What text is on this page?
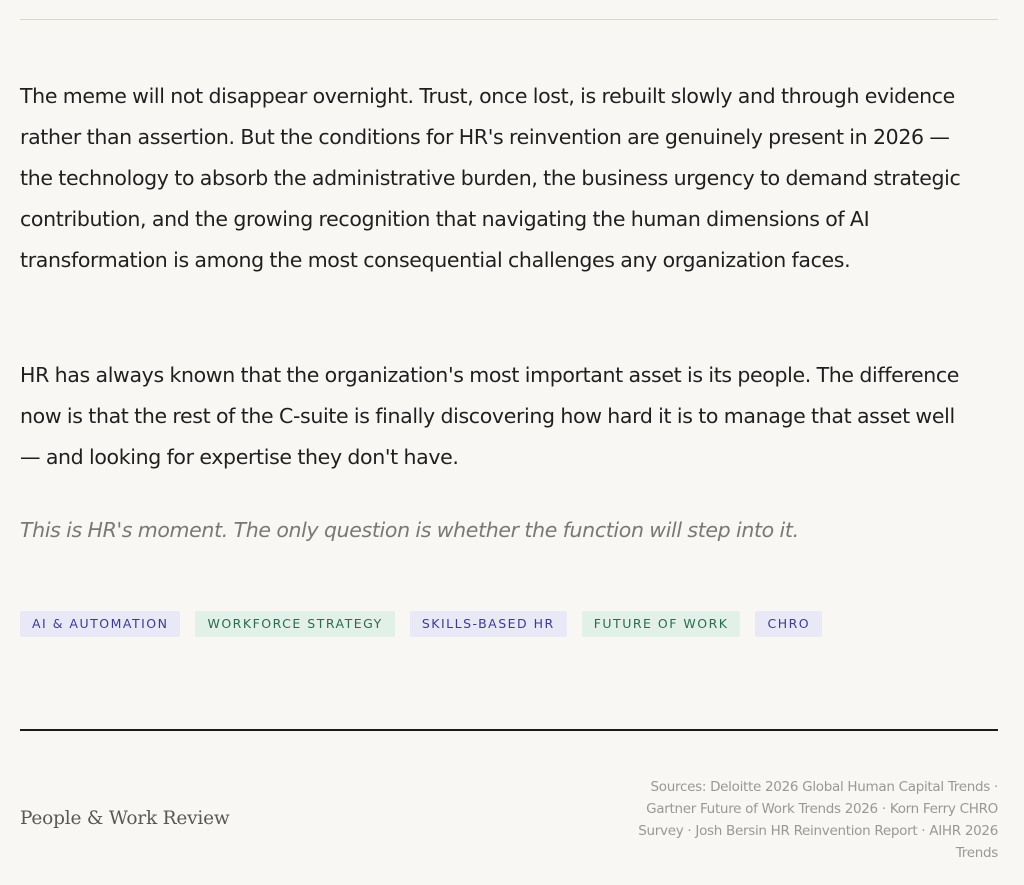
The meme will not disappear overnight. Trust, once lost, is rebuilt slowly and through evidence rather than assertion. But the conditions for HR's reinvention are genuinely present in 2026 — the technology to absorb the administrative burden, the business urgency to demand strategic contribution, and the growing recognition that navigating the human dimensions of AI transformation is among the most consequential challenges any organization faces.

HR has always known that the organization's most important asset is its people. The difference now is that the rest of the C-suite is finally discovering how hard it is to manage that asset well — and looking for expertise they don't have.

This is HR's moment. The only question is whether the function will step into it.

AI & AUTOMATION	WORKFORCE STRATEGY	SKILLS-BASED HR	FUTURE OF WORK	CHRO
People & Work Review
Sources: Deloitte 2026 Global Human Capital Trends · Gartner Future of Work Trends 2026 · Korn Ferry CHRO Survey · Josh Bersin HR Reinvention Report · AIHR 2026 Trends
